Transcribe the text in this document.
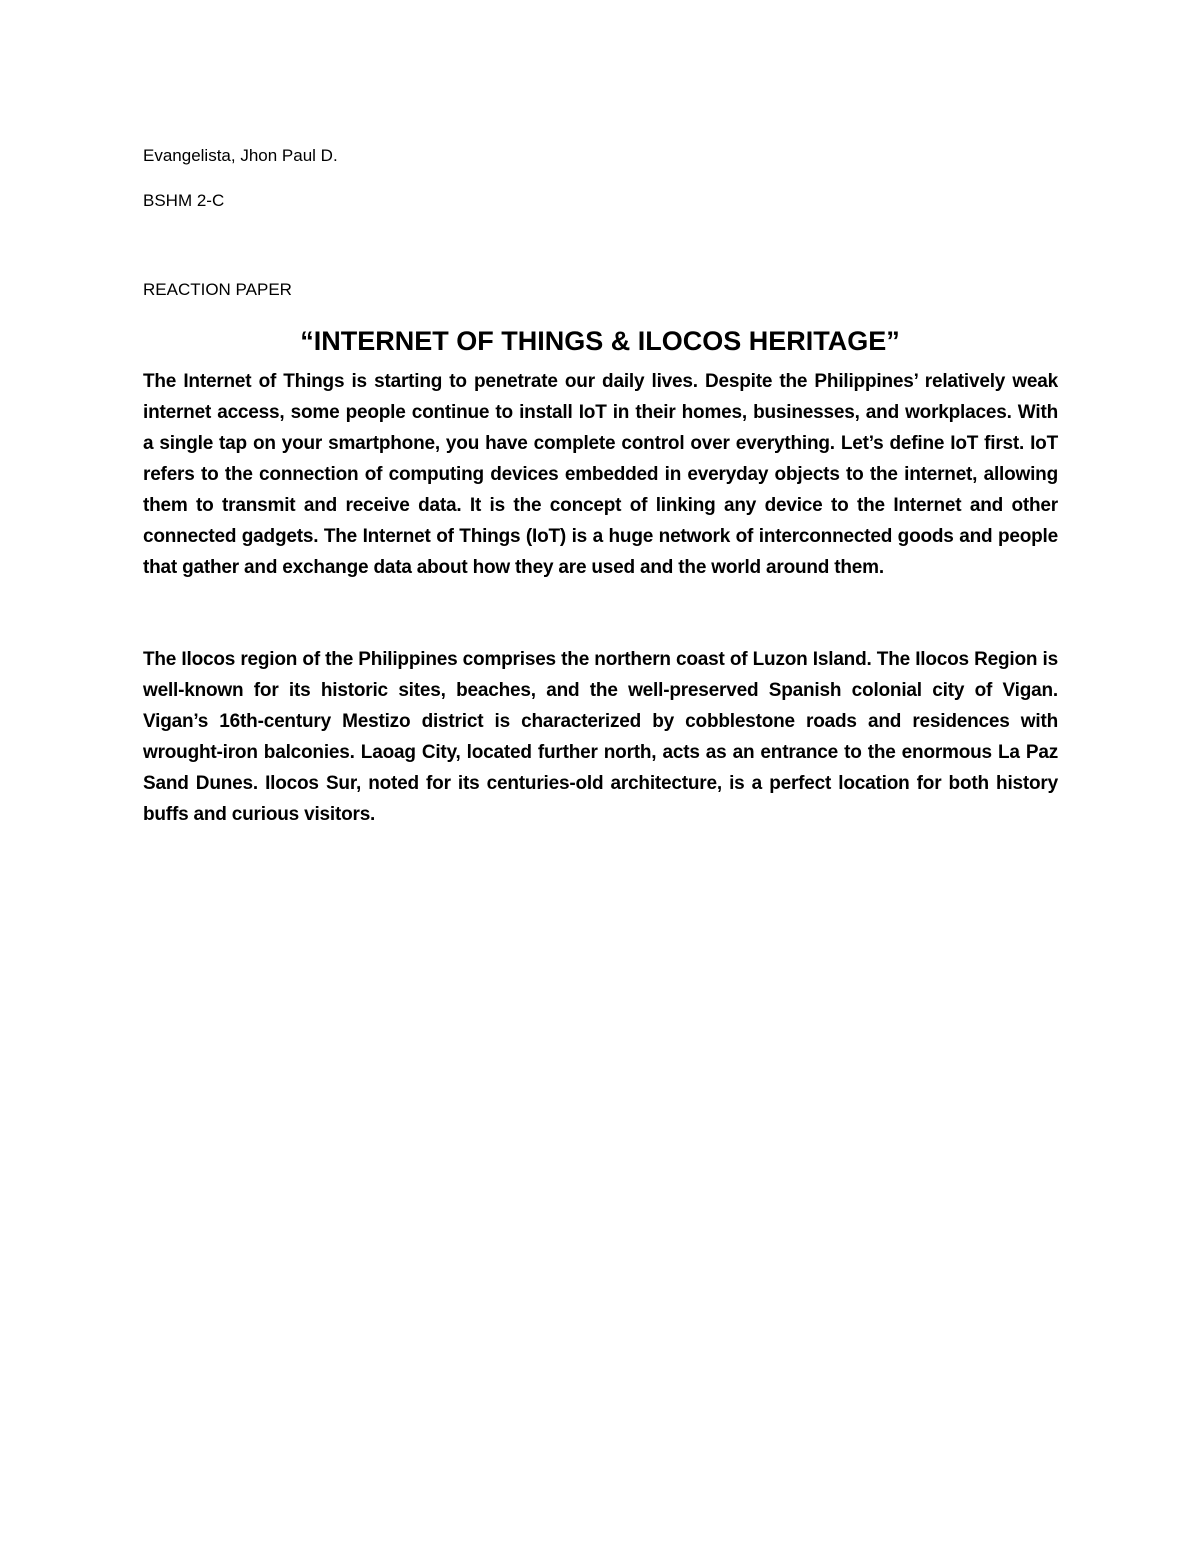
Evangelista, Jhon Paul D.
BSHM 2-C
REACTION PAPER
“INTERNET OF THINGS & ILOCOS HERITAGE”

The Internet of Things is starting to penetrate our daily lives. Despite the Philippines’ relatively weak internet access, some people continue to install IoT in their homes, businesses, and workplaces. With a single tap on your smartphone, you have complete control over everything. Let’s define IoT first. IoT refers to the connection of computing devices embedded in everyday objects to the internet, allowing them to transmit and receive data. It is the concept of linking any device to the Internet and other connected gadgets. The Internet of Things (IoT) is a huge network of interconnected goods and people that gather and exchange data about how they are used and the world around them.

The Ilocos region of the Philippines comprises the northern coast of Luzon Island. The Ilocos Region is well-known for its historic sites, beaches, and the well-preserved Spanish colonial city of Vigan. Vigan’s 16th-century Mestizo district is characterized by cobblestone roads and residences with wrought-iron balconies. Laoag City, located further north, acts as an entrance to the enormous La Paz Sand Dunes. Ilocos Sur, noted for its centuries-old architecture, is a perfect location for both history buffs and curious visitors.
